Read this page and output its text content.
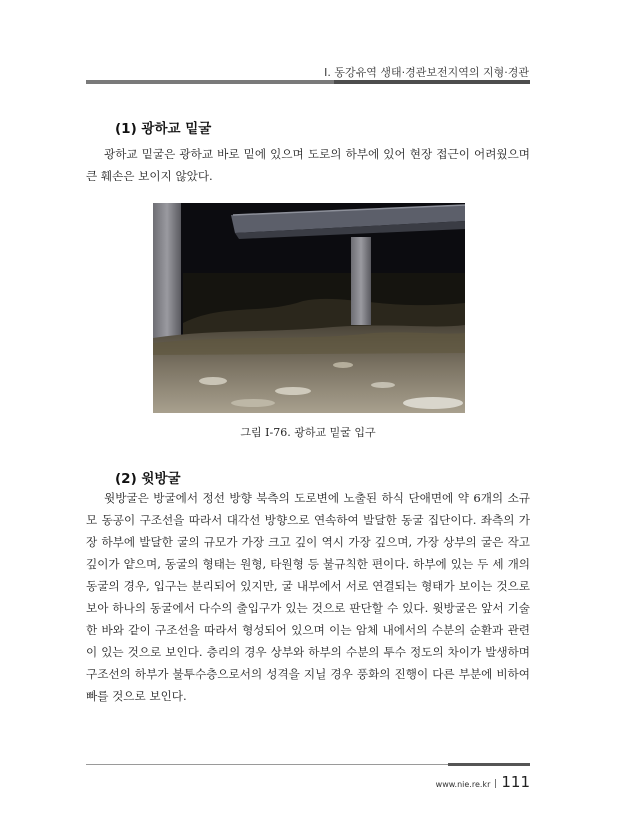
I. 동강유역 생태·경관보전지역의 지형·경관
(1) 광하교 밑굴

광하교 밑굴은 광하교 바로 밑에 있으며 도로의 하부에 있어 현장 접근이 어려웠으며 큰 훼손은 보이지 않았다.

그림 I-76. 광하교 밑굴 입구
(2) 윗방굴

윗방굴은 방굴에서 정선 방향 북측의 도로변에 노출된 하식 단애면에 약 6개의 소규모 동공이 구조선을 따라서 대각선 방향으로 연속하여 발달한 동굴 집단이다. 좌측의 가장 하부에 발달한 굴의 규모가 가장 크고 깊이 역시 가장 깊으며, 가장 상부의 굴은 작고 깊이가 얕으며, 동굴의 형태는 원형, 타원형 등 불규칙한 편이다. 하부에 있는 두 세 개의 동굴의 경우, 입구는 분리되어 있지만, 굴 내부에서 서로 연결되는 형태가 보이는 것으로 보아 하나의 동굴에서 다수의 출입구가 있는 것으로 판단할 수 있다. 윗방굴은 앞서 기술한 바와 같이 구조선을 따라서 형성되어 있으며 이는 암체 내에서의 수분의 순환과 관련이 있는 것으로 보인다. 층리의 경우 상부와 하부의 수분의 투수 정도의 차이가 발생하며 구조선의 하부가 불투수층으로서의 성격을 지닐 경우 풍화의 진행이 다른 부분에 비하여 빠를 것으로 보인다.

www.nie.re.kr 111
